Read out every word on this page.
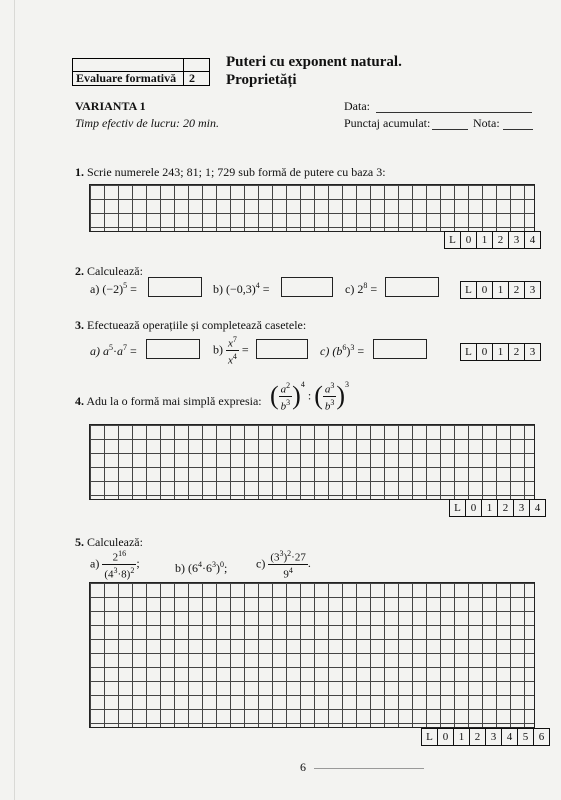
Evaluare formativă 2
Puteri cu exponent natural.
Proprietăți
VARIANTA 1
Timp efectiv de lucru: 20 min.
Data:
Punctaj acumulat:	Nota:
1. Scrie numerele 243; 81; 1; 729 sub formă de putere cu baza 3:
L 0 1 2 3 4
2. Calculează:
a) $(-2)^5$ =	b) $(-0,3)^4$ =	c) $2^8$ =	L 0 1 2 3
3. Efectuează operațiile și completează casetele:
a) $a^5\cdot a^7$ =	$b) \frac{x^7}{x^4}$ =	c) $(b^6)^3$ =	L 0 1 2 3
4. Adu la o formă mai simplă expresia: ( $\frac{a^2}{b^3} )^4$ : ( $\frac{a^3}{b^3} )^3$
L 0 1 2 3 4
5. Calculează:
$a) \frac{2^{16}}{(4^3\cdot 8)^2}$ ;	b) $(6^4\cdot 6^3)^0$; $c) \frac{(3^3)^2\cdot 27}{9^4}$ .
L 0 1 2 3 4 5 6
6
